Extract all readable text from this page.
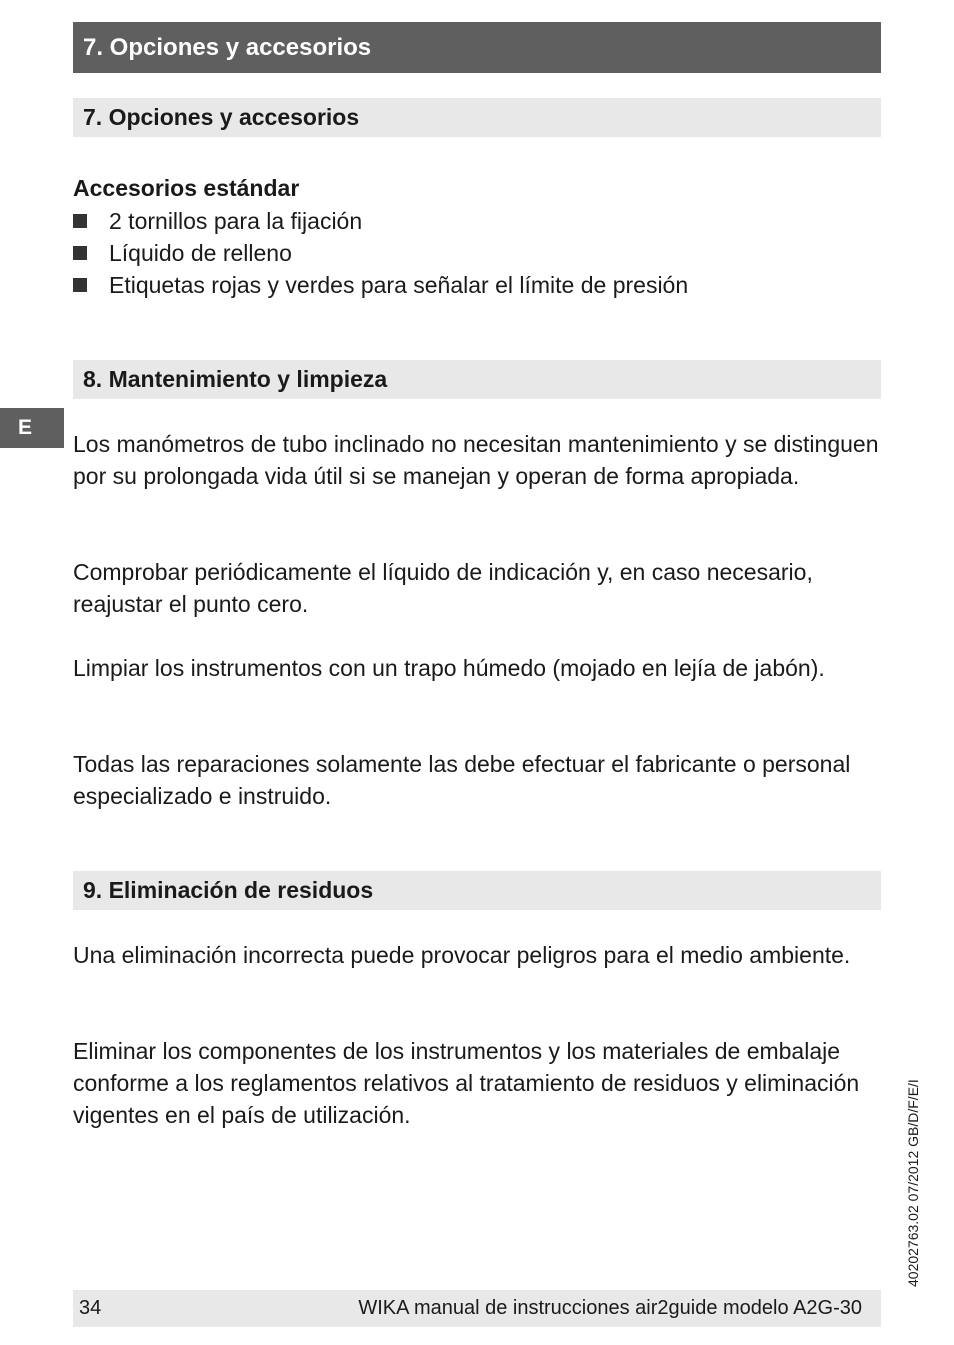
7. Opciones y accesorios
7. Opciones y accesorios
Accesorios estándar
2 tornillos para la fijación
Líquido de relleno
Etiquetas rojas y verdes para señalar el límite de presión
8. Mantenimiento y limpieza
E

Los manómetros de tubo inclinado no necesitan mantenimiento y se distinguen por su prolongada vida útil si se manejan y operan de forma apropiada.

Comprobar periódicamente el líquido de indicación y, en caso necesario, reajustar el punto cero.

Limpiar los instrumentos con un trapo húmedo (mojado en lejía de jabón).

Todas las reparaciones solamente las debe efectuar el fabricante o personal especializado e instruido.

9. Eliminación de residuos

Una eliminación incorrecta puede provocar peligros para el medio ambiente.

Eliminar los componentes de los instrumentos y los materiales de embalaje conforme a los reglamentos relativos al tratamiento de residuos y eliminación vigentes en el país de utilización.	40202763.02 07/2012 GB/D/F/E/I
34	WIKA manual de instrucciones air2guide modelo A2G-30
